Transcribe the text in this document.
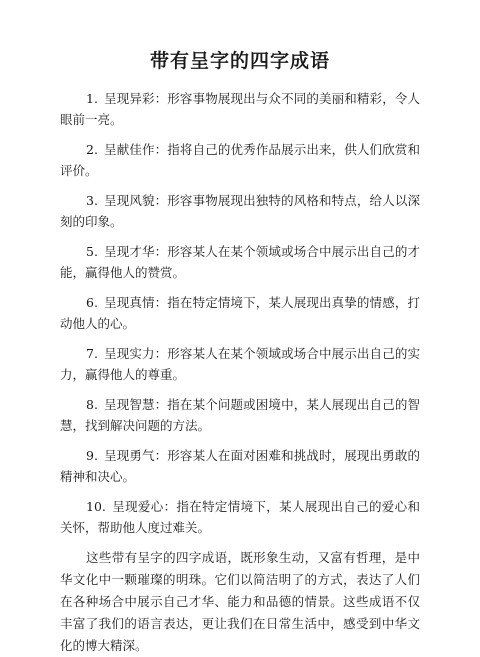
带有呈字的四字成语

1. 呈现异彩：形容事物展现出与众不同的美丽和精彩，令人眼前一亮。

2. 呈献佳作：指将自己的优秀作品展示出来，供人们欣赏和评价。

3. 呈现风貌：形容事物展现出独特的风格和特点，给人以深刻的印象。

5. 呈现才华：形容某人在某个领域或场合中展示出自己的才能，赢得他人的赞赏。

6. 呈现真情：指在特定情境下，某人展现出真挚的情感，打动他人的心。

7. 呈现实力：形容某人在某个领域或场合中展示出自己的实力，赢得他人的尊重。

8. 呈现智慧：指在某个问题或困境中，某人展现出自己的智慧，找到解决问题的方法。

9. 呈现勇气：形容某人在面对困难和挑战时，展现出勇敢的精神和决心。

10. 呈现爱心：指在特定情境下，某人展现出自己的爱心和关怀，帮助他人度过难关。

这些带有呈字的四字成语，既形象生动，又富有哲理，是中华文化中一颗璀璨的明珠。它们以简洁明了的方式，表达了人们在各种场合中展示自己才华、能力和品德的情景。这些成语不仅丰富了我们的语言表达，更让我们在日常生活中，感受到中华文化的博大精深。
